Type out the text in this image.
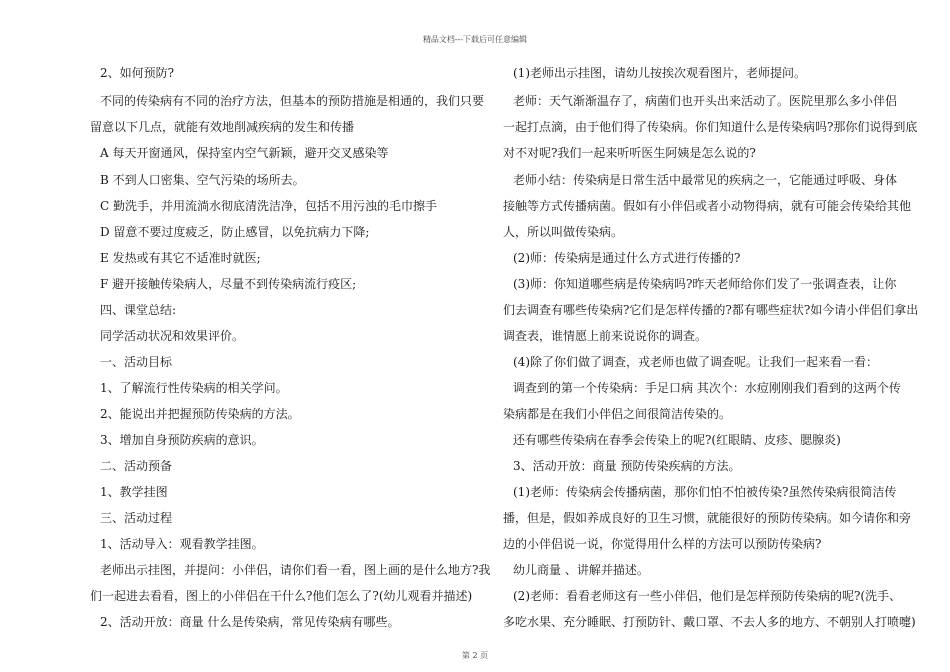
精品文档---下载后可任意编辑
2、如何预防?
不同的传染病有不同的治疗方法，但基本的预防措施是相通的，我们只要
留意以下几点，就能有效地削减疾病的发生和传播
A 每天开窗通风，保持室内空气新颖，避开交叉感染等
B 不到人口密集、空气污染的场所去。
C 勤洗手，并用流淌水彻底清洗洁净，包括不用污浊的毛巾擦手
D 留意不要过度疲乏，防止感冒，以免抗病力下降;
E 发热或有其它不适准时就医;
F 避开接触传染病人，尽量不到传染病流行疫区;
四、课堂总结:
同学活动状况和效果评价。
一、活动目标
1、了解流行性传染病的相关学问。
2、能说出并把握预防传染病的方法。
3、增加自身预防疾病的意识。
二、活动预备
1、教学挂图
三、活动过程
1、活动导入：观看教学挂图。
老师出示挂图，并提问：小伴侣，请你们看一看，图上画的是什么地方?我
们一起进去看看，图上的小伴侣在干什么?他们怎么了?(幼儿观看并描述)
2、活动开放：商量 什么是传染病，常见传染病有哪些。
(1)老师出示挂图，请幼儿按挨次观看图片，老师提问。
老师：天气渐渐温存了，病菌们也开头出来活动了。医院里那么多小伴侣
一起打点滴，由于他们得了传染病。你们知道什么是传染病吗?那你们说得到底
对不对呢?我们一起来听听医生阿姨是怎么说的?
老师小结：传染病是日常生活中最常见的疾病之一，它能通过呼吸、身体
接触等方式传播病菌。假如有小伴侣或者小动物得病，就有可能会传染给其他
人，所以叫做传染病。
(2)师：传染病是通过什么方式进行传播的?
(3)师：你知道哪些病是传染病吗?昨天老师给你们发了一张调查表，让你
们去调查有哪些传染病?它们是怎样传播的?都有哪些症状?如今请小伴侣们拿出
调查表，谁情愿上前来说说你的调查。
(4)除了你们做了调查，戎老师也做了调查呢。让我们一起来看一看：
调查到的第一个传染病：手足口病 其次个：水痘刚刚我们看到的这两个传
染病都是在我们小伴侣之间很简洁传染的。
还有哪些传染病在春季会传染上的呢?(红眼睛、皮疹、腮腺炎)
3、活动开放：商量 预防传染疾病的方法。
(1)老师：传染病会传播病菌，那你们怕不怕被传染?虽然传染病很简洁传
播，但是，假如养成良好的卫生习惯，就能很好的预防传染病。如今请你和旁
边的小伴侣说一说，你觉得用什么样的方法可以预防传染病?
幼儿商量 、讲解并描述。
(2)老师：看看老师这有一些小伴侣，他们是怎样预防传染病的呢?(洗手、
多吃水果、充分睡眠、打预防针、戴口罩、不去人多的地方、不朝别人打喷嚏)
第 2 页
